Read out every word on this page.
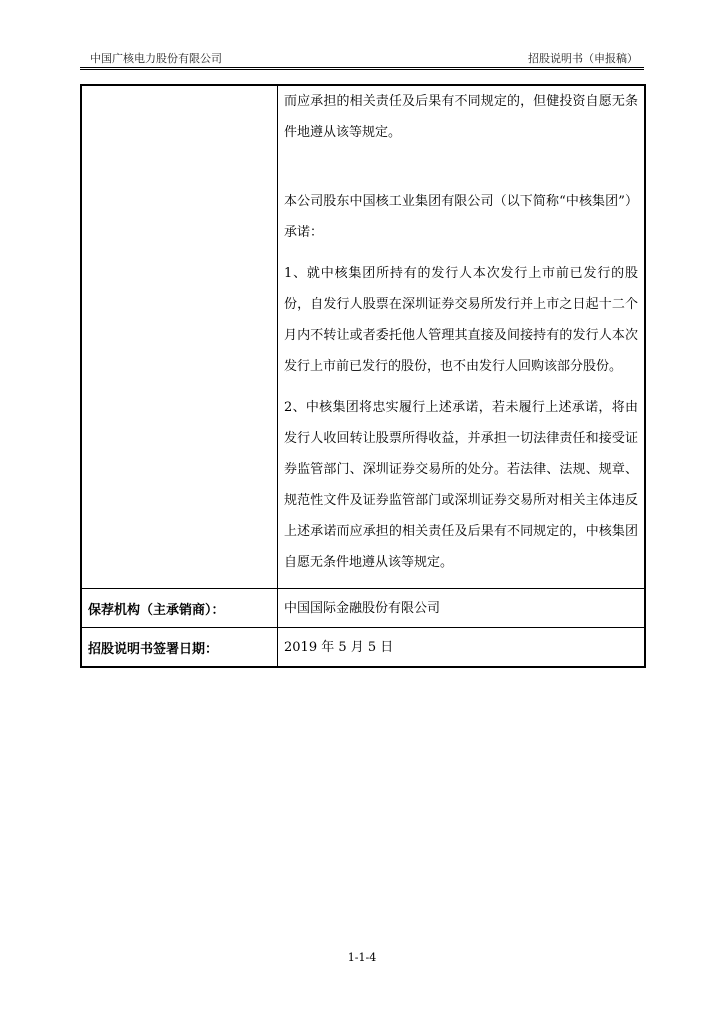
中国广核电力股份有限公司	招股说明书（申报稿）

而应承担的相关责任及后果有不同规定的，但健投资自愿无条件地遵从该等规定。

本公司股东中国核工业集团有限公司（以下简称“中核集团”）承诺：

1、就中核集团所持有的发行人本次发行上市前已发行的股份，自发行人股票在深圳证券交易所发行并上市之日起十二个月内不转让或者委托他人管理其直接及间接持有的发行人本次发行上市前已发行的股份，也不由发行人回购该部分股份。

2、中核集团将忠实履行上述承诺，若未履行上述承诺，将由发行人收回转让股票所得收益，并承担一切法律责任和接受证券监管部门、深圳证券交易所的处分。若法律、法规、规章、规范性文件及证券监管部门或深圳证券交易所对相关主体违反上述承诺而应承担的相关责任及后果有不同规定的，中核集团自愿无条件地遵从该等规定。

保荐机构（主承销商）：	中国国际金融股份有限公司
招股说明书签署日期：	2019 年 5 月 5 日
1-1-4
